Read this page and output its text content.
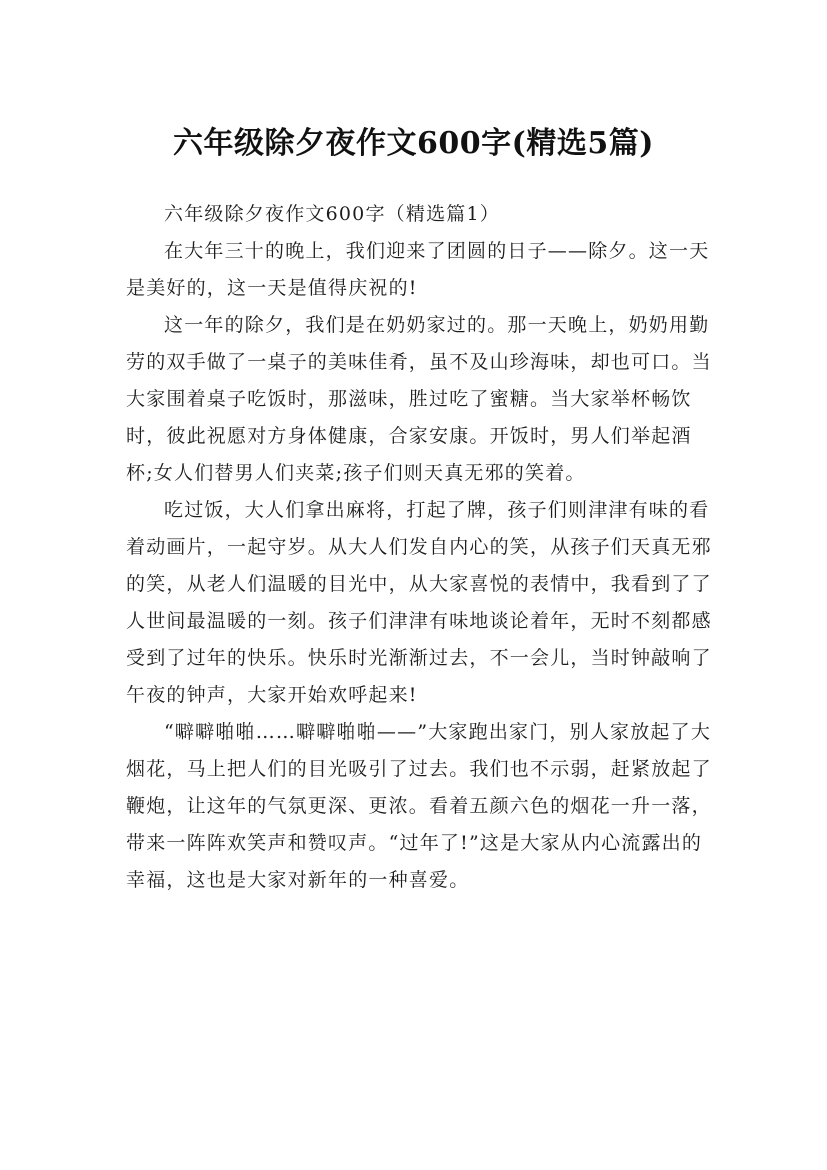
六年级除夕夜作文600字(精选5篇)

六年级除夕夜作文600字（精选篇1）

在大年三十的晚上，我们迎来了团圆的日子——除夕。这一天是美好的，这一天是值得庆祝的!

这一年的除夕，我们是在奶奶家过的。那一天晚上，奶奶用勤劳的双手做了一桌子的美味佳肴，虽不及山珍海味，却也可口。当大家围着桌子吃饭时，那滋味，胜过吃了蜜糖。当大家举杯畅饮时，彼此祝愿对方身体健康，合家安康。开饭时，男人们举起酒杯;女人们替男人们夹菜;孩子们则天真无邪的笑着。

吃过饭，大人们拿出麻将，打起了牌，孩子们则津津有味的看着动画片，一起守岁。从大人们发自内心的笑，从孩子们天真无邪的笑，从老人们温暖的目光中，从大家喜悦的表情中，我看到了了人世间最温暖的一刻。孩子们津津有味地谈论着年，无时不刻都感受到了过年的快乐。快乐时光渐渐过去，不一会儿，当时钟敲响了午夜的钟声，大家开始欢呼起来!

“噼噼啪啪……噼噼啪啪——”大家跑出家门，别人家放起了大烟花，马上把人们的目光吸引了过去。我们也不示弱，赶紧放起了鞭炮，让这年的气氛更深、更浓。看着五颜六色的烟花一升一落，带来一阵阵欢笑声和赞叹声。“过年了!”这是大家从内心流露出的幸福，这也是大家对新年的一种喜爱。
